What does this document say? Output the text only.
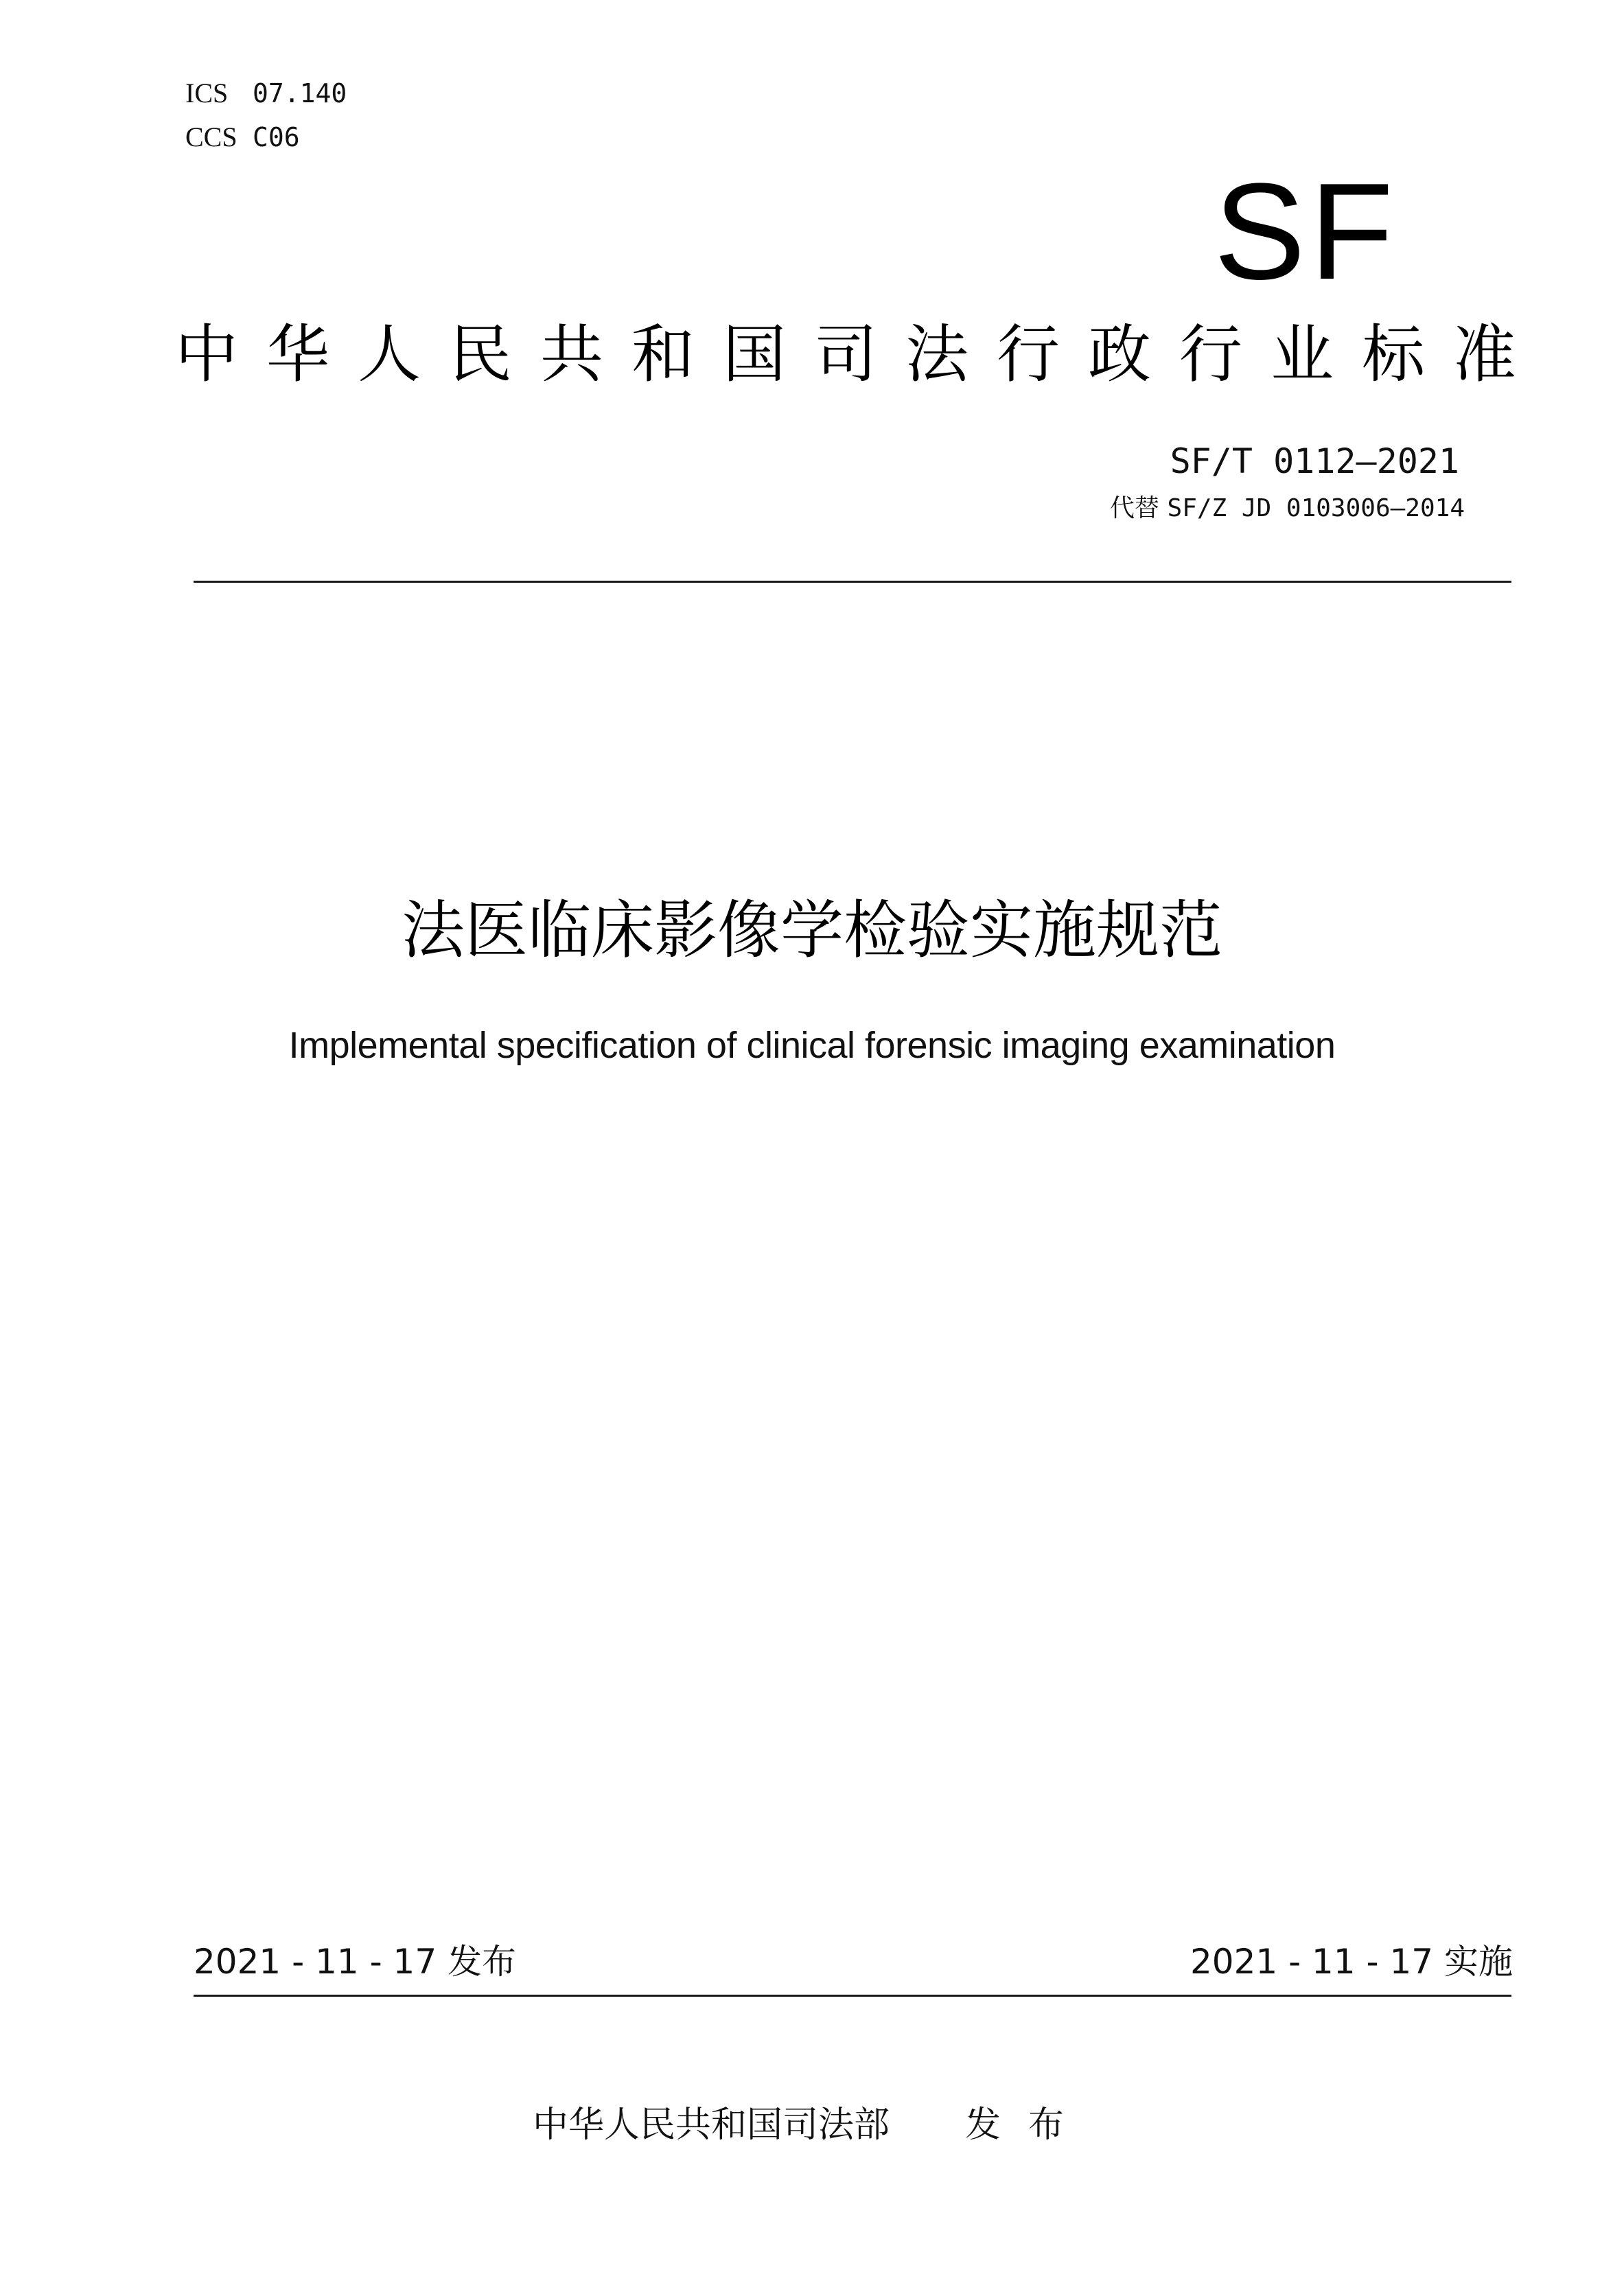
ICS 07.140
CCS C06
SF
中华人民共和国司法行政行业标准
SF/T 0112—2021
代替 SF/Z JD 0103006—2014
法医临床影像学检验实施规范
Implemental specification of clinical forensic imaging examination
2021 - 11 - 17 发布	2021 - 11 - 17 实施
中华人民共和国司法部 发布
